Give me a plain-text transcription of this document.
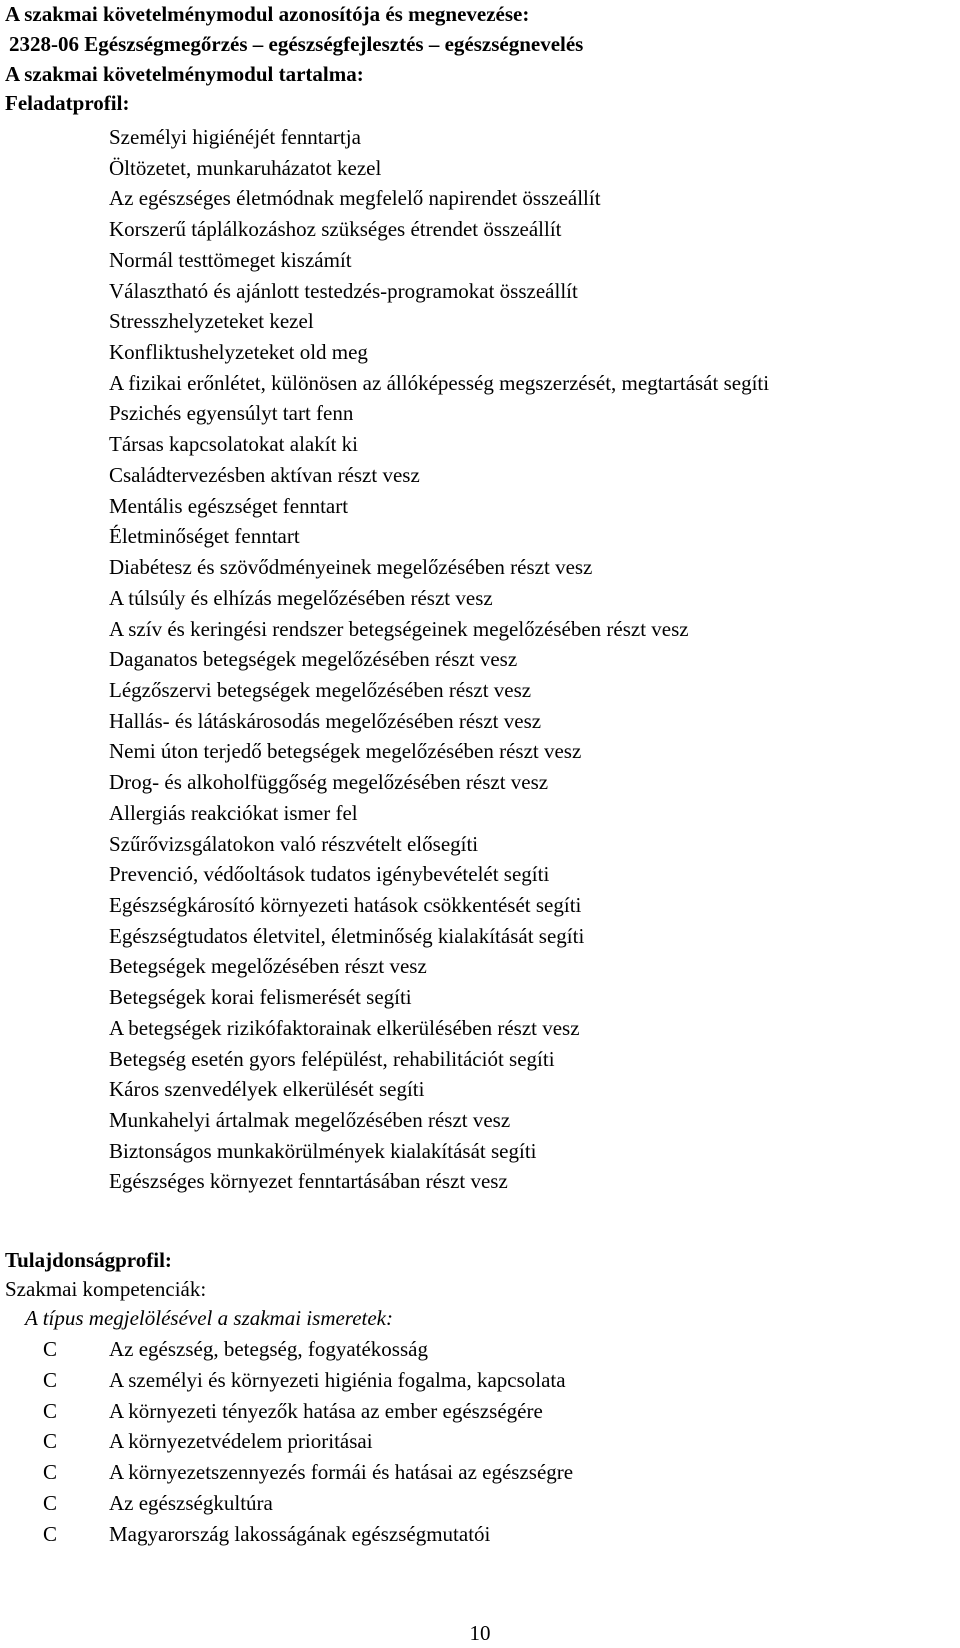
A szakmai követelménymodul azonosítója és megnevezése:
2328-06 Egészségmegőrzés – egészségfejlesztés – egészségnevelés
A szakmai követelménymodul tartalma:
Feladatprofil:
Személyi higiénéjét fenntartja
Öltözetet, munkaruházatot kezel
Az egészséges életmódnak megfelelő napirendet összeállít
Korszerű táplálkozáshoz szükséges étrendet összeállít
Normál testtömeget kiszámít
Választható és ajánlott testedzés-programokat összeállít
Stresszhelyzeteket kezel
Konfliktushelyzeteket old meg
A fizikai erőnlétet, különösen az állóképesség megszerzését, megtartását segíti
Pszichés egyensúlyt tart fenn
Társas kapcsolatokat alakít ki
Családtervezésben aktívan részt vesz
Mentális egészséget fenntart
Életminőséget fenntart
Diabétesz és szövődményeinek megelőzésében részt vesz
A túlsúly és elhízás megelőzésében részt vesz
A szív és keringési rendszer betegségeinek megelőzésében részt vesz
Daganatos betegségek megelőzésében részt vesz
Légzőszervi betegségek megelőzésében részt vesz
Hallás- és látáskárosodás megelőzésében részt vesz
Nemi úton terjedő betegségek megelőzésében részt vesz
Drog- és alkoholfüggőség megelőzésében részt vesz
Allergiás reakciókat ismer fel
Szűrővizsgálatokon való részvételt elősegíti
Prevenció, védőoltások tudatos igénybevételét segíti
Egészségkárosító környezeti hatások csökkentését segíti
Egészségtudatos életvitel, életminőség kialakítását segíti
Betegségek megelőzésében részt vesz
Betegségek korai felismerését segíti
A betegségek rizikófaktorainak elkerülésében részt vesz
Betegség esetén gyors felépülést, rehabilitációt segíti
Káros szenvedélyek elkerülését segíti
Munkahelyi ártalmak megelőzésében részt vesz
Biztonságos munkakörülmények kialakítását segíti
Egészséges környezet fenntartásában részt vesz
Tulajdonságprofil:
Szakmai kompetenciák:
A típus megjelölésével a szakmai ismeretek:
C Az egészség, betegség, fogyatékosság
C A személyi és környezeti higiénia fogalma, kapcsolata
C A környezeti tényezők hatása az ember egészségére
C A környezetvédelem prioritásai
C A környezetszennyezés formái és hatásai az egészségre
C Az egészségkultúra
C Magyarország lakosságának egészségmutatói
10
